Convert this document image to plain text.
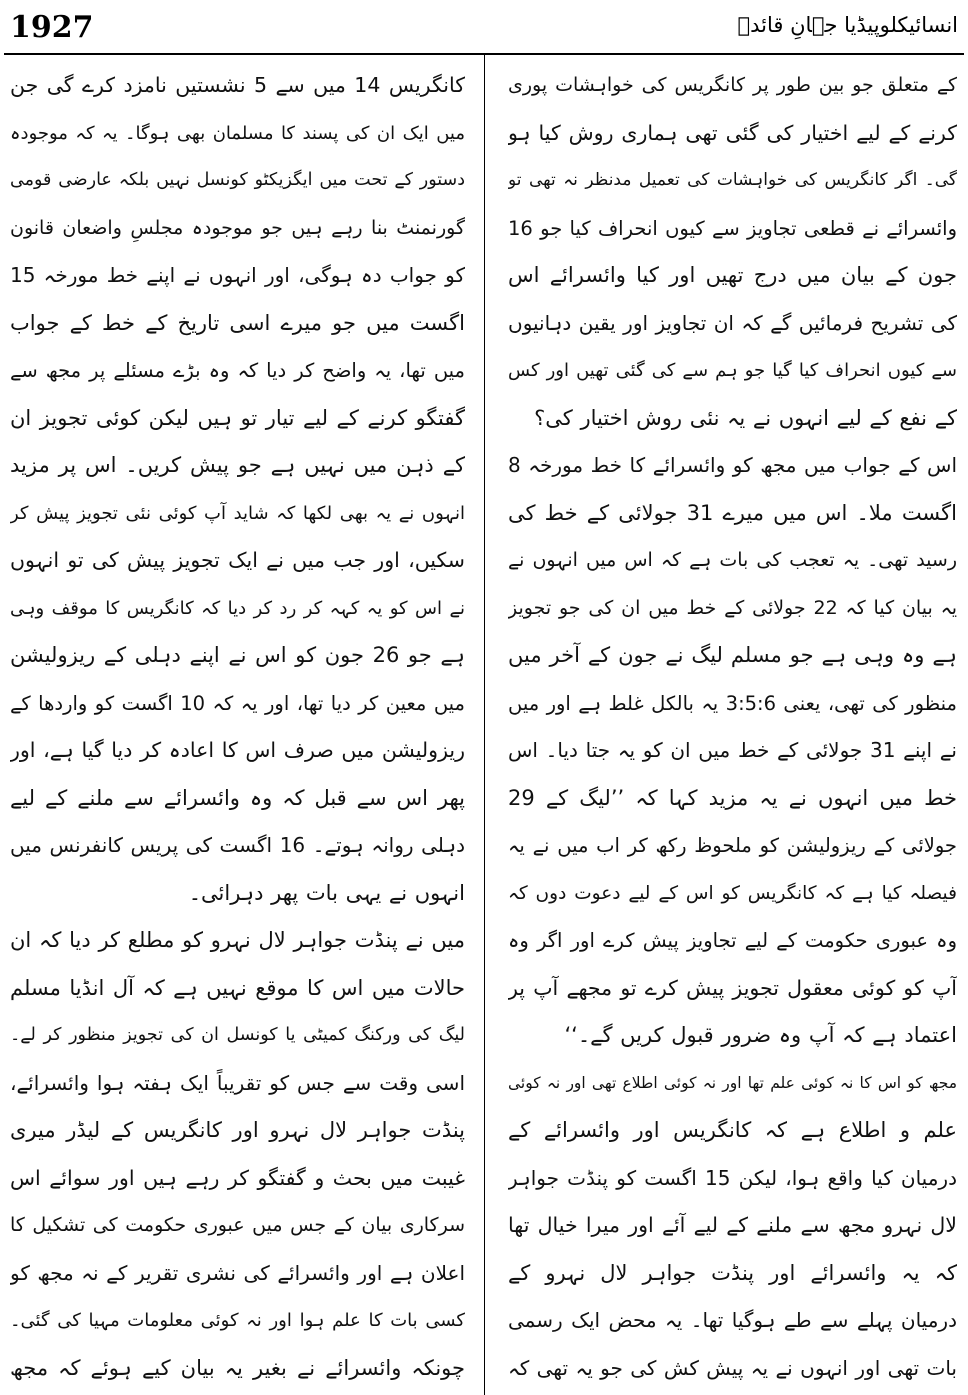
1927	انسائیکلوپیڈیا جہانِ قائدؒ
کے متعلق جو بین طور پر کانگریس کی خواہشات پوری
کرنے کے لیے اختیار کی گئی تھی ہماری روش کیا ہو
گی۔ اگر کانگریس کی خواہشات کی تعمیل مدنظر نہ تھی تو
وائسرائے نے قطعی تجاویز سے کیوں انحراف کیا جو 16
جون کے بیان میں درج تھیں اور کیا وائسرائے اس
کی تشریح فرمائیں گے کہ ان تجاویز اور یقین دہانیوں
سے کیوں انحراف کیا گیا جو ہم سے کی گئی تھیں اور کس
کے نفع کے لیے انہوں نے یہ نئی روش اختیار کی؟
اس کے جواب میں مجھ کو وائسرائے کا خط مورخہ 8
اگست ملا۔ اس میں میرے 31 جولائی کے خط کی
رسید تھی۔ یہ تعجب کی بات ہے کہ اس میں انہوں نے
یہ بیان کیا کہ 22 جولائی کے خط میں ان کی جو تجویز
ہے وہ وہی ہے جو مسلم لیگ نے جون کے آخر میں
منظور کی تھی، یعنی 3:5:6 یہ بالکل غلط ہے اور میں
نے اپنے 31 جولائی کے خط میں ان کو یہ جتا دیا۔ اس
خط میں انہوں نے یہ مزید کہا کہ ’’لیگ کے 29
جولائی کے ریزولیشن کو ملحوظ رکھ کر اب میں نے یہ
فیصلہ کیا ہے کہ کانگریس کو اس کے لیے دعوت دوں کہ
وہ عبوری حکومت کے لیے تجاویز پیش کرے اور اگر وہ
آپ کو کوئی معقول تجویز پیش کرے تو مجھے آپ پر
اعتماد ہے کہ آپ وہ ضرور قبول کریں گے۔‘‘
مجھ کو اس کا نہ کوئی علم تھا اور نہ کوئی اطلاع تھی اور نہ کوئی
علم و اطلاع ہے کہ کانگریس اور وائسرائے کے
درمیان کیا واقع ہوا، لیکن 15 اگست کو پنڈت جواہر
لال نہرو مجھ سے ملنے کے لیے آئے اور میرا خیال تھا
کہ یہ وائسرائے اور پنڈت جواہر لال نہرو کے
درمیان پہلے سے طے ہوگیا تھا۔ یہ محض ایک رسمی
بات تھی اور انہوں نے یہ پیش کش کی جو یہ تھی کہ
کانگریس 14 میں سے 5 نشستیں نامزد کرے گی جن
میں ایک ان کی پسند کا مسلمان بھی ہوگا۔ یہ کہ موجودہ
دستور کے تحت میں ایگزیکٹو کونسل نہیں بلکہ عارضی قومی
گورنمنٹ بنا رہے ہیں جو موجودہ مجلسِ واضعان قانون
کو جواب دہ ہوگی، اور انہوں نے اپنے خط مورخہ 15
اگست میں جو میرے اسی تاریخ کے خط کے جواب
میں تھا، یہ واضح کر دیا کہ وہ بڑے مسئلے پر مجھ سے
گفتگو کرنے کے لیے تیار تو ہیں لیکن کوئی تجویز ان
کے ذہن میں نہیں ہے جو پیش کریں۔ اس پر مزید
انہوں نے یہ بھی لکھا کہ شاید آپ کوئی نئی تجویز پیش کر
سکیں، اور جب میں نے ایک تجویز پیش کی تو انہوں
نے اس کو یہ کہہ کر رد کر دیا کہ کانگریس کا موقف وہی
ہے جو 26 جون کو اس نے اپنے دہلی کے ریزولیشن
میں معین کر دیا تھا، اور یہ کہ 10 اگست کو واردھا کے
ریزولیشن میں صرف اس کا اعادہ کر دیا گیا ہے، اور
پھر اس سے قبل کہ وہ وائسرائے سے ملنے کے لیے
دہلی روانہ ہوتے۔ 16 اگست کی پریس کانفرنس میں
انہوں نے یہی بات پھر دہرائی۔
میں نے پنڈت جواہر لال نہرو کو مطلع کر دیا کہ ان
حالات میں اس کا موقع نہیں ہے کہ آل انڈیا مسلم
لیگ کی ورکنگ کمیٹی یا کونسل ان کی تجویز منظور کر لے۔
اسی وقت سے جس کو تقریباً ایک ہفتہ ہوا وائسرائے،
پنڈت جواہر لال نہرو اور کانگریس کے لیڈر میری
غیبت میں بحث و گفتگو کر رہے ہیں اور سوائے اس
سرکاری بیان کے جس میں عبوری حکومت کی تشکیل کا
اعلان ہے اور وائسرائے کی نشری تقریر کے نہ مجھ کو
کسی بات کا علم ہوا اور نہ کوئی معلومات مہیا کی گئی۔
چونکہ وائسرائے نے بغیر یہ بیان کیے ہوئے کہ مجھ
